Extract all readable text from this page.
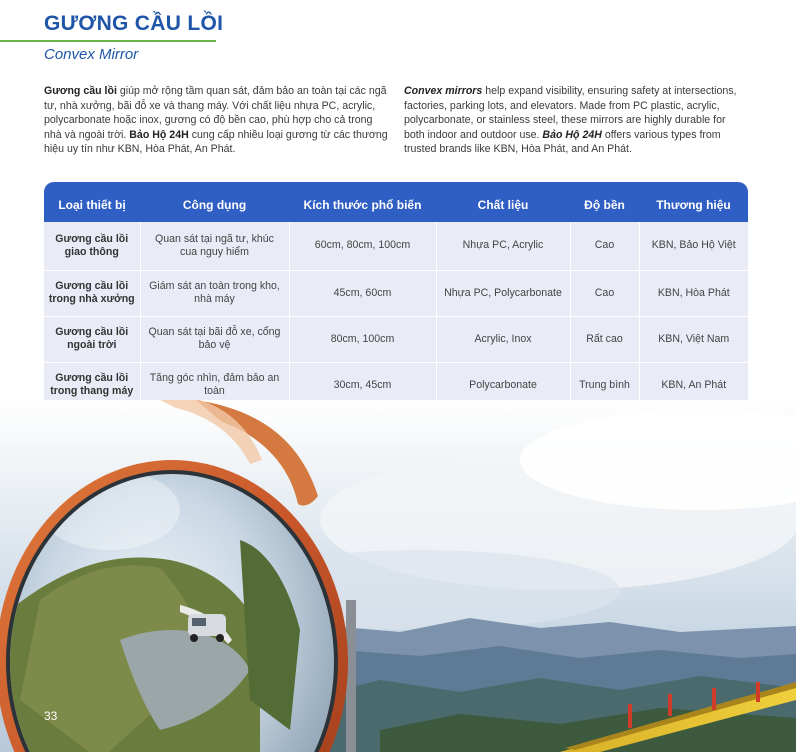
GƯƠNG CẦU LỒI
Convex Mirror
Gương cầu lồi giúp mở rộng tầm quan sát, đảm bảo an toàn tại các ngã tư, nhà xưởng, bãi đỗ xe và thang máy. Với chất liệu nhựa PC, acrylic, polycarbonate hoặc inox, gương có độ bền cao, phù hợp cho cả trong nhà và ngoài trời. Bảo Hộ 24H cung cấp nhiều loại gương từ các thương hiệu uy tín như KBN, Hòa Phát, An Phát.
Convex mirrors help expand visibility, ensuring safety at intersections, factories, parking lots, and elevators. Made from PC plastic, acrylic, polycarbonate, or stainless steel, these mirrors are highly durable for both indoor and outdoor use. Bảo Hộ 24H offers various types from trusted brands like KBN, Hòa Phát, and An Phát.
Loại thiết bị	Công dụng	Kích thước phổ biến	Chất liệu	Độ bền	Thương hiệu
Gương cầu lồi giao thông	Quan sát tại ngã tư, khúc cua nguy hiểm	60cm, 80cm, 100cm	Nhựa PC, Acrylic	Cao	KBN, Bảo Hộ Việt
Gương cầu lồi trong nhà xưởng	Giám sát an toàn trong kho, nhà máy	45cm, 60cm	Nhựa PC, Polycarbonate	Cao	KBN, Hòa Phát
Gương cầu lồi ngoài trời	Quan sát tại bãi đỗ xe, cổng bảo vệ	80cm, 100cm	Acrylic, Inox	Rất cao	KBN, Việt Nam
Gương cầu lồi trong thang máy	Tăng góc nhìn, đảm bảo an toàn	30cm, 45cm	Polycarbonate	Trung bình	KBN, An Phát
33
